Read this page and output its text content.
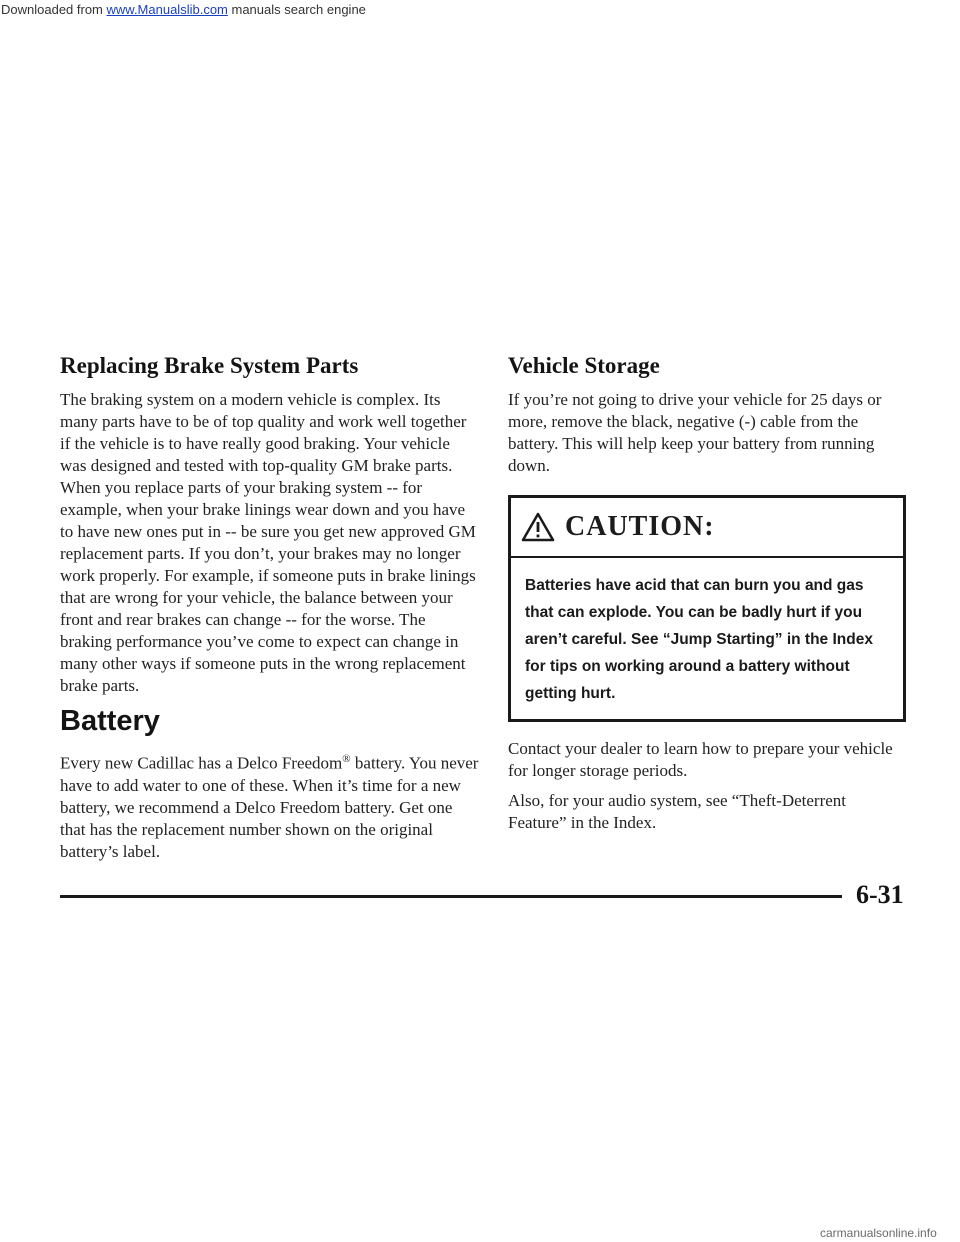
Downloaded from www.Manualslib.com manuals search engine
Replacing Brake System Parts

The braking system on a modern vehicle is complex. Its many parts have to be of top quality and work well together if the vehicle is to have really good braking. Your vehicle was designed and tested with top-quality GM brake parts. When you replace parts of your braking system -- for example, when your brake linings wear down and you have to have new ones put in -- be sure you get new approved GM replacement parts. If you don’t, your brakes may no longer work properly. For example, if someone puts in brake linings that are wrong for your vehicle, the balance between your front and rear brakes can change -- for the worse. The braking performance you’ve come to expect can change in many other ways if someone puts in the wrong replacement brake parts.

Battery

Every new Cadillac has a Delco Freedom® battery. You never have to add water to one of these. When it’s time for a new battery, we recommend a Delco Freedom battery. Get one that has the replacement number shown on the original battery’s label.

Vehicle Storage

If you’re not going to drive your vehicle for 25 days or more, remove the black, negative (-) cable from the battery. This will help keep your battery from running down.

CAUTION:
Batteries have acid that can burn you and gas that can explode. You can be badly hurt if you aren’t careful. See “Jump Starting” in the Index for tips on working around a battery without getting hurt.

Contact your dealer to learn how to prepare your vehicle for longer storage periods.

Also, for your audio system, see “Theft-Deterrent Feature” in the Index.

6-31
carmanualsonline.info
